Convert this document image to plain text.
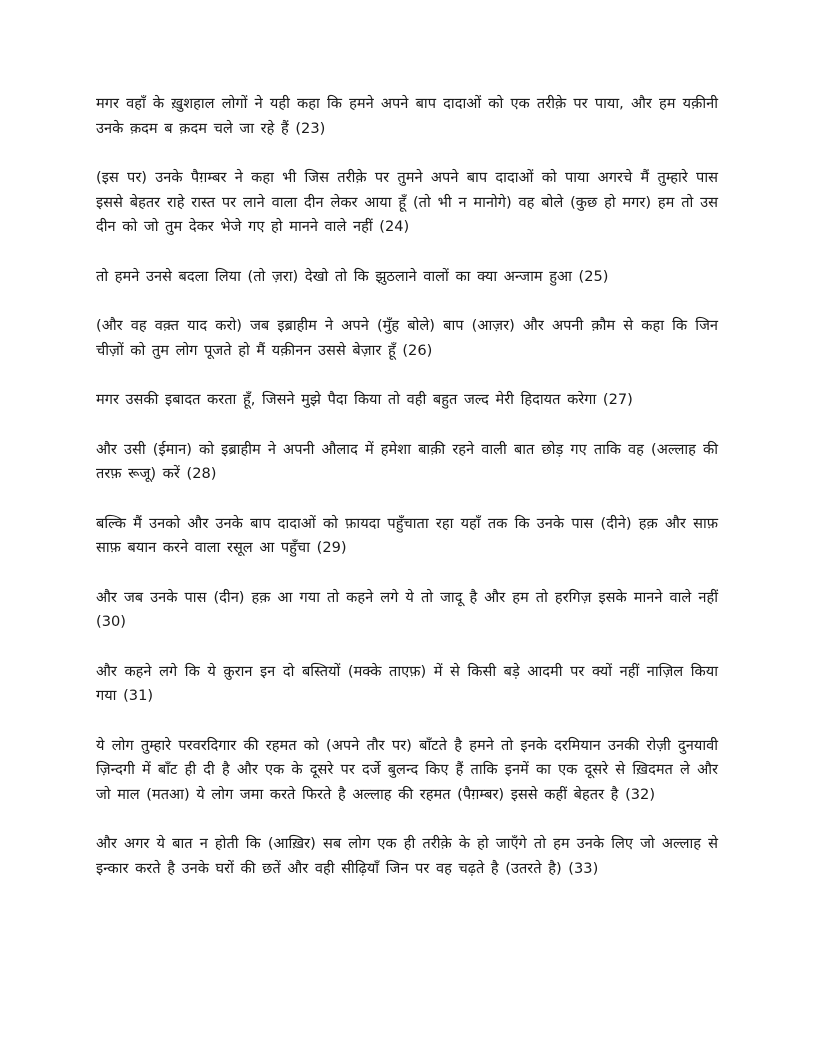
मगर वहाँ के ख़ुशहाल लोगों ने यही कहा कि हमने अपने बाप दादाओं को एक तरीक़े पर पाया, और हम यक़ीनी उनके क़दम ब क़दम चले जा रहे हैं (23)

(इस पर) उनके पैग़म्बर ने कहा भी जिस तरीक़े पर तुमने अपने बाप दादाओं को पाया अगरचे मैं तुम्हारे पास इससे बेहतर राहे रास्त पर लाने वाला दीन लेकर आया हूँ (तो भी न मानोगे) वह बोले (कुछ हो मगर) हम तो उस दीन को जो तुम देकर भेजे गए हो मानने वाले नहीं (24)

तो हमने उनसे बदला लिया (तो ज़रा) देखो तो कि झुठलाने वालों का क्या अन्जाम हुआ (25)

(और वह वक़्त याद करो) जब इब्राहीम ने अपने (मुँह बोले) बाप (आज़र) और अपनी क़ौम से कहा कि जिन चीज़ों को तुम लोग पूजते हो मैं यक़ीनन उससे बेज़ार हूँ (26)

मगर उसकी इबादत करता हूँ, जिसने मुझे पैदा किया तो वही बहुत जल्द मेरी हिदायत करेगा (27)

और उसी (ईमान) को इब्राहीम ने अपनी औलाद में हमेशा बाक़ी रहने वाली बात छोड़ गए ताकि वह (अल्लाह की तरफ़ रूजू) करें (28)

बल्कि मैं उनको और उनके बाप दादाओं को फ़ायदा पहुँचाता रहा यहाँ तक कि उनके पास (दीने) हक़ और साफ़ साफ़ बयान करने वाला रसूल आ पहुँचा (29)

और जब उनके पास (दीन) हक़ आ गया तो कहने लगे ये तो जादू है और हम तो हरगिज़ इसके मानने वाले नहीं (30)

और कहने लगे कि ये क़ुरान इन दो बस्तियों (मक्के ताएफ़) में से किसी बड़े आदमी पर क्यों नहीं नाज़िल किया गया (31)

ये लोग तुम्हारे परवरदिगार की रहमत को (अपने तौर पर) बाँटते है हमने तो इनके दरमियान उनकी रोज़ी दुनयावी ज़िन्दगी में बाँट ही दी है और एक के दूसरे पर दर्जे बुलन्द किए हैं ताकि इनमें का एक दूसरे से ख़िदमत ले और जो माल (मतआ) ये लोग जमा करते फिरते है अल्लाह की रहमत (पैग़म्बर) इससे कहीं बेहतर है (32)

और अगर ये बात न होती कि (आख़िर) सब लोग एक ही तरीक़े के हो जाएँगे तो हम उनके लिए जो अल्लाह से इन्कार करते है उनके घरों की छतें और वही सीढ़ियाँ जिन पर वह चढ़ते है (उतरते है) (33)
